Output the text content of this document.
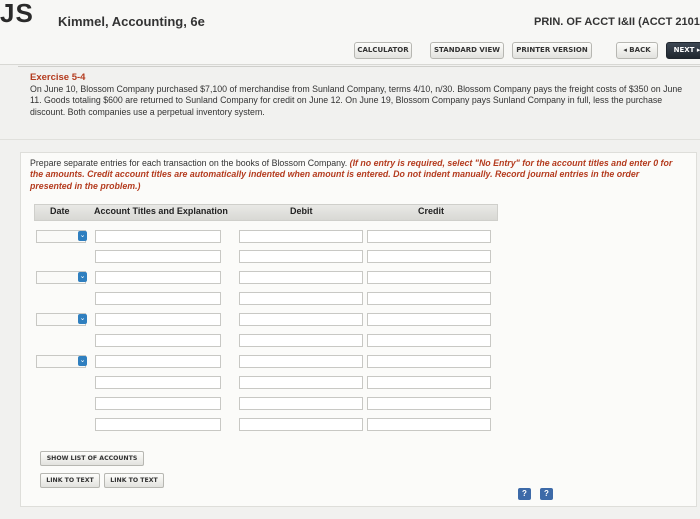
JS Kimmel, Accounting, 6e	PRIN. OF ACCT I&II (ACCT 2101
CALCULATOR	STANDARD VIEW	PRINTER VERSION	◂ BACK	NEXT ▸
Exercise 5-4
On June 10, Blossom Company purchased $7,100 of merchandise from Sunland Company, terms 4/10, n/30. Blossom Company pays the freight costs of $350 on June 11. Goods totaling $600 are returned to Sunland Company for credit on June 12. On June 19, Blossom Company pays Sunland Company in full, less the purchase discount. Both companies use a perpetual inventory system.
Prepare separate entries for each transaction on the books of Blossom Company. (If no entry is required, select "No Entry" for the account titles and enter 0 for the amounts. Credit account titles are automatically indented when amount is entered. Do not indent manually. Record journal entries in the order presented in the problem.)
Date	Account Titles and Explanation	Debit	Credit
⌄
⌄
⌄
⌄
SHOW LIST OF ACCOUNTS
LINK TO TEXT	LINK TO TEXT
?	?
